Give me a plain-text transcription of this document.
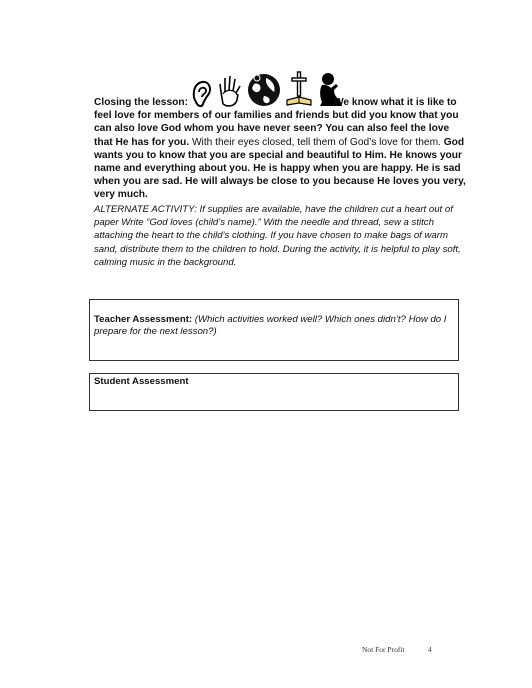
Closing the lesson:	We know what it is like to feel love for members of our families and friends but did you know that you can also love God whom you have never seen? You can also feel the love that He has for you. With their eyes closed, tell them of God’s love for them. God wants you to know that you are special and beautiful to Him. He knows your name and everything about you. He is happy when you are happy. He is sad when you are sad. He will always be close to you because He loves you very, very much.
ALTERNATE ACTIVITY: If supplies are available, have the children cut a heart out of paper Write “God loves (child’s name).” With the needle and thread, sew a stitch attaching the heart to the child’s clothing. If you have chosen to make bags of warm sand, distribute them to the children to hold. During the activity, it is helpful to play soft, calming music in the background.
Teacher Assessment: (Which activities worked well? Which ones didn’t? How do I prepare for the next lesson?)
Student Assessment
Not For Profit	4
